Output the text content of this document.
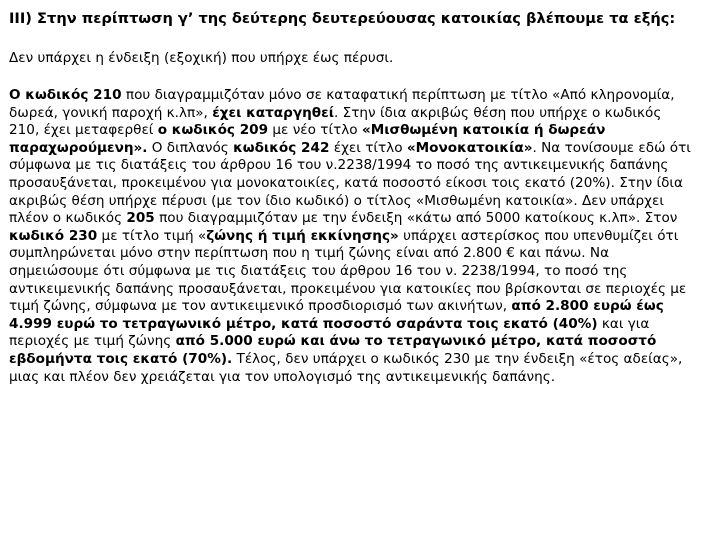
III) Στην περίπτωση γ’ της δεύτερης δευτερεύουσας κατοικίας βλέπουμε τα εξής:

Δεν υπάρχει η ένδειξη (εξοχική) που υπήρχε έως πέρυσι.

Ο κωδικός 210 που διαγραμμιζόταν μόνο σε καταφατική περίπτωση με τίτλο «Από κληρονομία, δωρεά, γονική παροχή κ.λπ», έχει καταργηθεί. Στην ίδια ακριβώς θέση που υπήρχε ο κωδικός 210, έχει μεταφερθεί ο κωδικός 209 με νέο τίτλο «Μισθωμένη κατοικία ή δωρεάν παραχωρούμενη». Ο διπλανός κωδικός 242 έχει τίτλο «Μονοκατοικία». Να τονίσουμε εδώ ότι σύμφωνα με τις διατάξεις του άρθρου 16 του ν.2238/1994 το ποσό της αντικειμενικής δαπάνης προσαυξάνεται, προκειμένου για μονοκατοικίες, κατά ποσοστό είκοσι τοις εκατό (20%). Στην ίδια ακριβώς θέση υπήρχε πέρυσι (με τον ίδιο κωδικό) ο τίτλος «Μισθωμένη κατοικία». Δεν υπάρχει πλέον ο κωδικός 205 που διαγραμμιζόταν με την ένδειξη «κάτω από 5000 κατοίκους κ.λπ». Στον κωδικό 230 με τίτλο τιμή «ζώνης ή τιμή εκκίνησης» υπάρχει αστερίσκος που υπενθυμίζει ότι συμπληρώνεται μόνο στην περίπτωση που η τιμή ζώνης είναι από 2.800 € και πάνω. Να σημειώσουμε ότι σύμφωνα με τις διατάξεις του άρθρου 16 του ν. 2238/1994, το ποσό της αντικειμενικής δαπάνης προσαυξάνεται, προκειμένου για κατοικίες που βρίσκονται σε περιοχές με τιμή ζώνης, σύμφωνα με τον αντικειμενικό προσδιορισμό των ακινήτων, από 2.800 ευρώ έως 4.999 ευρώ το τετραγωνικό μέτρο, κατά ποσοστό σαράντα τοις εκατό (40%) και για περιοχές με τιμή ζώνης από 5.000 ευρώ και άνω το τετραγωνικό μέτρο, κατά ποσοστό εβδομήντα τοις εκατό (70%). Τέλος, δεν υπάρχει ο κωδικός 230 με την ένδειξη «έτος αδείας», μιας και πλέον δεν χρειάζεται για τον υπολογισμό της αντικειμενικής δαπάνης.
